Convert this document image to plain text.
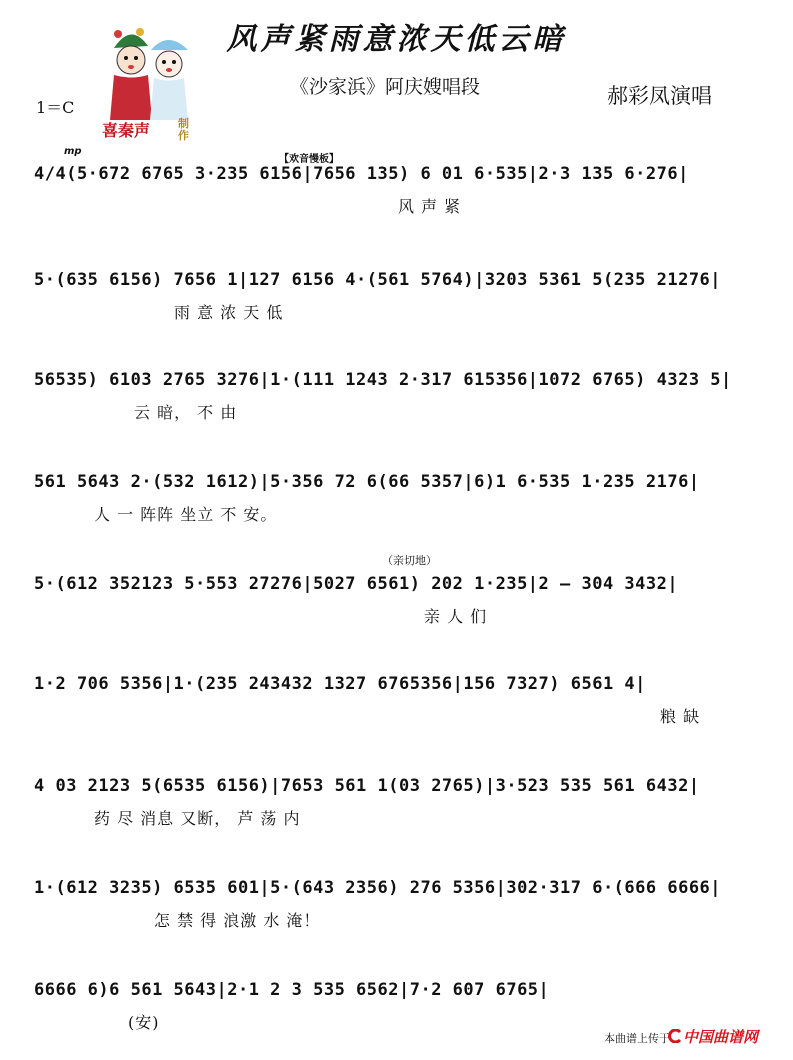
风声紧雨意浓天低云暗
《沙家浜》阿庆嫂唱段	郝彩凤演唱
1＝C
mp
【欢音慢板】
喜秦声	制作
（亲切地）
4/4(5·672 6765 3·235 6156|7656 135) 6 01 6·535|2·3 135 6·276|
风 声 紧
5·(635 6156) 7656 1|127 6156 4·(561 5764)|3203 5361 5(235 21276|
雨 意 浓 天 低
56535) 6103 2765 3276|1·(111 1243 2·317 615356|1072 6765) 4323 5|
云 暗， 不 由
561 5643 2·(532 1612)|5·356 72 6(66 5357|6)1 6·535 1·235 2176|
人 一 阵阵 坐立 不 安。
5·(612 352123 5·553 27276|5027 6561) 202 1·235|2 — 304 3432|
亲 人 们
1·2 706 5356|1·(235 243432 1327 6765356|156 7327) 6561 4|
粮 缺
4 03 2123 5(6535 6156)|7653 561 1(03 2765)|3·523 535 561 6432|
药 尽 消息 又断， 芦 荡 内
1·(612 3235) 6535 601|5·(643 2356) 276 5356|302·317 6·(666 6666|
怎 禁 得 浪激 水 淹！
6666 6)6 561 5643|2·1 2 3 535 6562|7·2 607 6765|
(安)
本曲谱上传于 中国曲谱网
